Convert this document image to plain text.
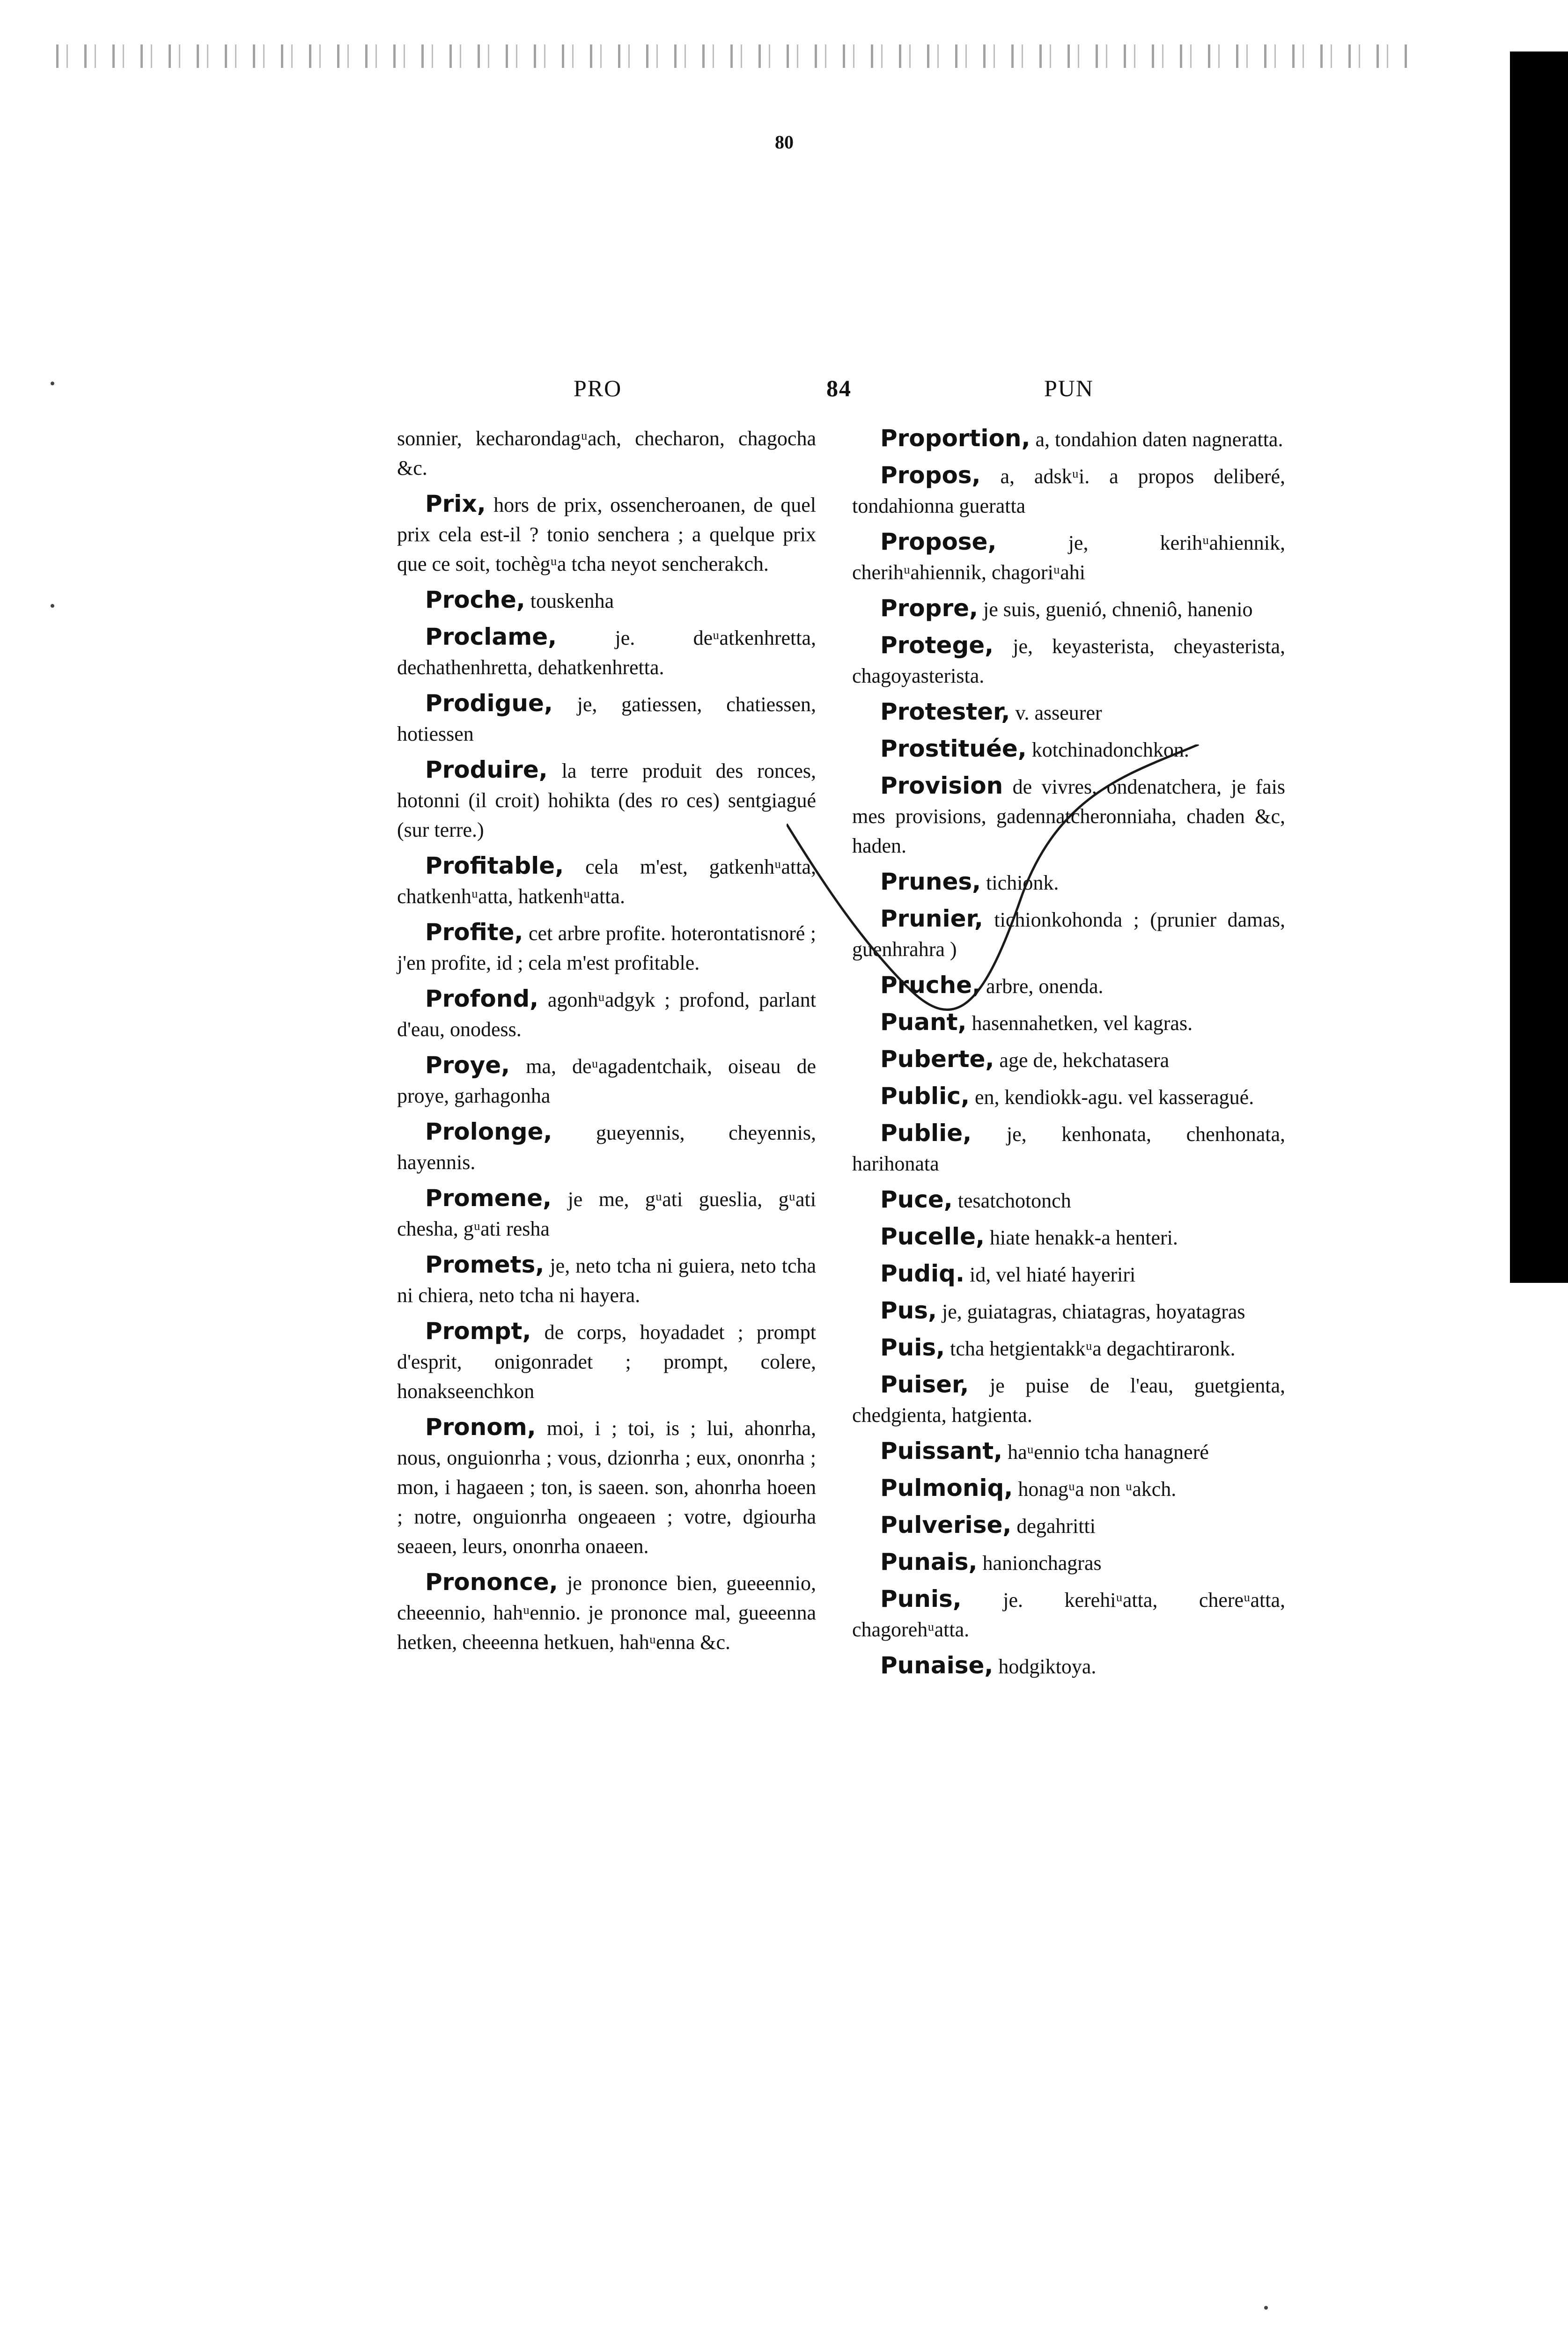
80
PRO	84	PUN

sonnier, kecharondagᵘach, checharon, chagocha &c.

Prix, hors de prix, ossencheroanen, de quel prix cela est-il ? tonio senchera ; a quelque prix que ce soit, tochègᵘa tcha neyot sencherakch.

Proche, touskenha

Proclame,	je. deᵘatkenhretta, dechathenhretta, dehatkenhretta.

Prodigue, je, gatiessen, chatiessen, hotiessen

Produire, la terre produit des ronces, hotonni (il croit) hohikta (des ro ces) sentgiagué (sur terre.)

Profitable, cela m'est, gatkenhᵘatta, chatkenhᵘatta, hatkenhᵘatta.

Profite, cet arbre profite. hoterontatisnoré ; j'en profite, id ; cela m'est profitable.

Profond, agonhᵘadgyk ; profond, parlant d'eau, onodess.

Proye, ma, deᵘagadentchaik, oiseau de proye, garhagonha

Prolonge, gueyennis, cheyennis, hayennis.

Promene, je me, gᵘati gueslia, gᵘati chesha, gᵘati resha

Promets, je, neto tcha ni guiera, neto tcha ni chiera, neto tcha ni hayera.

Prompt, de corps, hoyadadet ; prompt d'esprit, onigonradet ; prompt, colere, honakseenchkon

Pronom, moi, i ; toi, is ; lui, ahonrha, nous, onguionrha ; vous, dzionrha ; eux, ononrha ; mon, i hagaeen ; ton, is saeen. son, ahonrha hoeen ; notre, onguionrha ongeaeen ; votre, dgiourha seaeen, leurs, ononrha onaeen.

Prononce, je prononce bien, gueeennio, cheeennio, hahᵘennio. je prononce mal, gueeenna hetken, cheeenna hetkuen, hahᵘenna &c.

Proportion, a, tondahion daten nagneratta.

Propos, a, adskᵘi. a propos deliberé, tondahionna gueratta

Propose,	je, kerihᵘahiennik, cherihᵘahiennik, chagoriᵘahi

Propre, je suis, guenió, chneniô, hanenio

Protege, je, keyasterista, cheyasterista, chagoyasterista.

Protester, v. asseurer

Prostituée, kotchinadonchkon.

Provision de vivres, ondenatchera, je fais mes provisions, gadennatcheronniaha, chaden &c, haden.

Prunes, tichionk.

Prunier, tichionkohonda ; (prunier damas, guenhrahra )

Pruche, arbre, onenda.

Puant, hasennahetken, vel kagras.

Puberte, age de, hekchatasera

Public, en, kendiokk-agu. vel kasseragué.

Publie, je, kenhonata, chenhonata, harihonata

Puce, tesatchotonch

Pucelle, hiate henakk-a henteri.

Pudiq. id, vel hiaté hayeriri

Pus, je, guiatagras, chiatagras, hoyatagras

Puis, tcha hetgientakkᵘa degachtiraronk.

Puiser, je puise de l'eau, guetgienta, chedgienta, hatgienta.

Puissant, haᵘennio tcha hanagneré

Pulmoniq, honagᵘa non ᵘakch.

Pulverise, degahritti

Punais, hanionchagras

Punis, je. kerehiᵘatta, chereᵘatta, chagorehᵘatta.

Punaise, hodgiktoya.
